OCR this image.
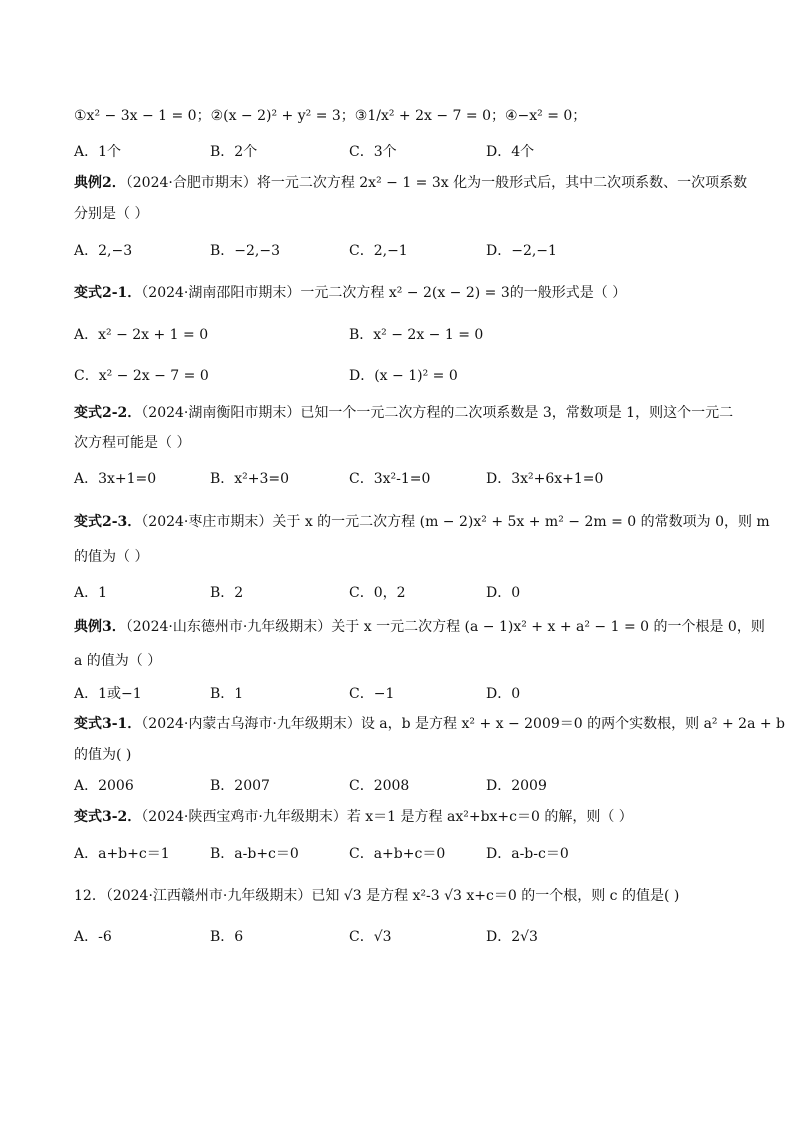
①x² − 3x − 1 = 0；②(x − 2)² + y² = 3；③1/x² + 2x − 7 = 0；④−x² = 0；
A．1个	B．2个	C．3个	D．4个
典例2．（2024·合肥市期末）将一元二次方程 2x² − 1 = 3x 化为一般形式后，其中二次项系数、一次项系数
分别是（ ）
A．2,−3	B．−2,−3	C．2,−1	D．−2,−1
变式2-1．（2024·湖南邵阳市期末）一元二次方程 x² − 2(x − 2) = 3的一般形式是（ ）
A．x² − 2x + 1 = 0	B．x² − 2x − 1 = 0
C．x² − 2x − 7 = 0	D．(x − 1)² = 0
变式2-2．（2024·湖南衡阳市期末）已知一个一元二次方程的二次项系数是 3，常数项是 1，则这个一元二
次方程可能是（ ）
A．3x+1=0	B．x²+3=0	C．3x²-1=0	D．3x²+6x+1=0
变式2-3．（2024·枣庄市期末）关于 x 的一元二次方程 (m − 2)x² + 5x + m² − 2m = 0 的常数项为 0，则 m
的值为（ ）
A．1	B．2	C．0，2	D．0
典例3．（2024·山东德州市·九年级期末）关于 x 一元二次方程 (a − 1)x² + x + a² − 1 = 0 的一个根是 0，则
a 的值为（ ）
A．1或−1	B．1	C．−1	D．0
变式3-1．（2024·内蒙古乌海市·九年级期末）设 a，b 是方程 x² + x − 2009＝0 的两个实数根，则 a² + 2a + b
的值为( )
A．2006	B．2007	C．2008	D．2009
变式3-2．（2024·陕西宝鸡市·九年级期末）若 x＝1 是方程 ax²+bx+c＝0 的解，则（ ）
A．a+b+c＝1	B．a-b+c＝0	C．a+b+c＝0	D．a-b-c＝0
12．（2024·江西赣州市·九年级期末）已知 √3 是方程 x²-3 √3 x+c＝0 的一个根，则 c 的值是( )
A．-6	B．6	C．√3	D．2√3
